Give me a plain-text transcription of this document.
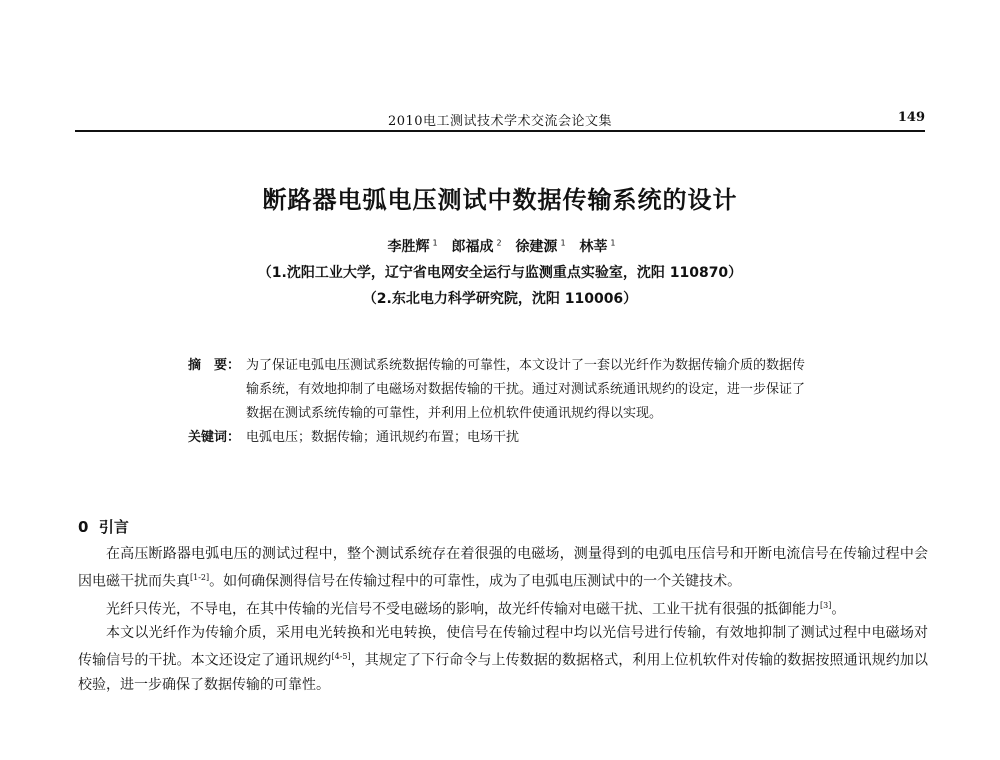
2010电工测试技术学术交流会论文集	149
断路器电弧电压测试中数据传输系统的设计
李胜辉 $^1$ 郎福成 $^2$ 徐建源 $^1$ 林莘 $^1$
（1.沈阳工业大学，辽宁省电网安全运行与监测重点实验室，沈阳 110870）
（2.东北电力科学研究院，沈阳 110006）
摘　要： 为了保证电弧电压测试系统数据传输的可靠性，本文设计了一套以光纤作为数据传输介质的数据传输系统，有效地抑制了电磁场对数据传输的干扰。通过对测试系统通讯规约的设定，进一步保证了数据在测试系统传输的可靠性，并利用上位机软件使通讯规约得以实现。
关键词： 电弧电压；数据传输；通讯规约布置；电场干扰
0 引言

在高压断路器电弧电压的测试过程中，整个测试系统存在着很强的电磁场，测量得到的电弧电压信号和开断电流信号在传输过程中会因电磁干扰而失真[1-2]。如何确保测得信号在传输过程中的可靠性，成为了电弧电压测试中的一个关键技术。

光纤只传光，不导电，在其中传输的光信号不受电磁场的影响，故光纤传输对电磁干扰、工业干扰有很强的抵御能力[3]。

本文以光纤作为传输介质，采用电光转换和光电转换，使信号在传输过程中均以光信号进行传输，有效地抑制了测试过程中电磁场对传输信号的干扰。本文还设定了通讯规约[4-5]，其规定了下行命令与上传数据的数据格式，利用上位机软件对传输的数据按照通讯规约加以校验，进一步确保了数据传输的可靠性。
